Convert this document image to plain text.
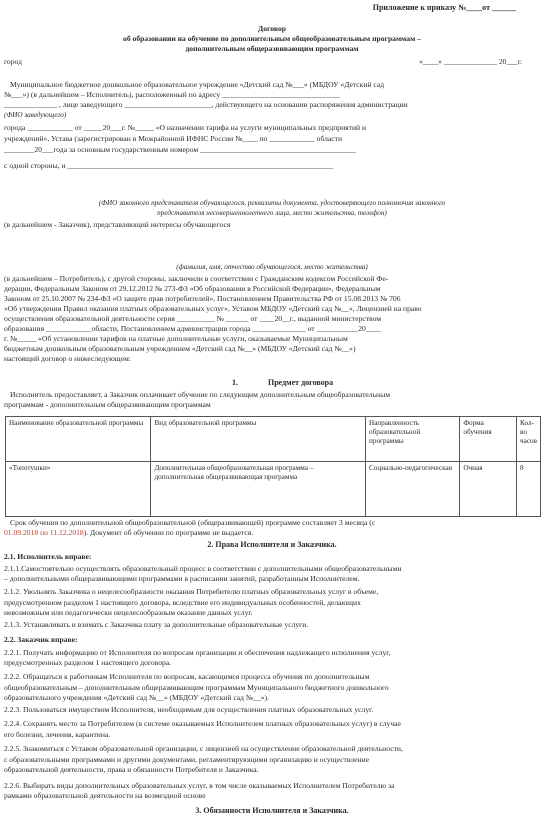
Приложение к приказу №____от ______
Договор
об образовании на обучение по дополнительным общеобразовательным программам –
дополнительным общеразвивающим программам
город	«____» ______________ 20___г.
Муниципальное бюджетное дошкольное образовательное учреждение «Детский сад №___» (МБДОУ «Детский сад
№___») (в дальнейшем – Исполнитель), расположенный по адресу _______________________________
______________ , лице заведующего _______________________, действующего на основании распоряжения администрации
(ФИО заведующего)
города ____________ от _____20___г. №_____ «О назначении тарифа на услуги муниципальных предприятий и
учреждений», Устава (зарегистрирован в Межрайонной ИФНС России №____ по ____________ области
________20___года за основным государственным номером _________________________________________
с одной стороны, и ______________________________________________________________________
(ФИО законного представителя обучающегося, реквизиты документа, удостоверяющего полномочия законного
представителя несовершеннолетнего лица, место жительства, телефон)
(в дальнейшем - Заказчик), представляющий интересы обучающегося
(фамилия, имя, отчество обучающегося, место жительства)
(в дальнейшем – Потребитель), с другой стороны, заключили в соответствии с Гражданским кодексом Российской Фе-
дерации, Федеральным Законом от 29.12.2012 № 273-ФЗ «Об образовании в Российской Федерации», Федеральным
Законом от 25.10.2007 № 234-ФЗ «О защите прав потребителей», Постановлением Правительства РФ от 15.08.2013 № 706
«Об утверждении Правил оказания платных образовательных услуг», Уставом МБДОУ «Детский сад №__», Лицензией на право
осуществления образовательной деятельности серия __________ № ______ от ____20__г., выданной министерством
образования ____________области, Постановлением администрации города ______________ от ___________20____
г. №_____ «Об установлении тарифов на платные дополнительные услуги, оказываемые Муниципальным
бюджетным дошкольным образовательным учреждением «Детский сад №__» (МБДОУ «Детский сад №__»)
настоящий договор о нижеследующем:
1.	Предмет договора
Исполнитель предоставляет, а Заказчик оплачивает обучение по следующим дополнительным общеобразовательным
программам - дополнительным общеразвивающим программам
Наименование образовательной программы	Вид образовательной программы	Направленность образовательной программы	Форма обучения	Кол-во часов
«Топотушки»	Дополнительная общеобразовательная программа – дополнительная общеразвивающая программа	Социально-педагогическая	Очная	8
Срок обучения по дополнительной общеобразовательной (общеразвивающей) программе составляет 3 месяца (с
01.09.2018 по 11.12.2018). Документ об обучении по программе не выдается.
2. Права Исполнителя и Заказчика.
2.1. Исполнитель вправе:
2.1.1.Самостоятельно осуществлять образовательный процесс в соответствии с дополнительными общеобразовательными
– дополнительными общеразвивающими программами в расписании занятий, разработанным Исполнителем.
2.1.2. Увольнять Заказчика о нецелесообразности оказания Потребителю платных образовательных услуг в объеме,
предусмотренном разделом 1 настоящего договора, вследствие его индивидуальных особенностей, делающих
невозможным или педагогически нецелесообразным оказание данных услуг.
2.1.3. Устанавливать и взимать с Заказчика плату за дополнительные образовательные услуги.
2.2. Заказчик вправе:
2.2.1. Получать информацию от Исполнителя по вопросам организации и обеспечения надлежащего исполнения услуг,
предусмотренных разделом 1 настоящего договора.
2.2.2. Обращаться к работникам Исполнителя по вопросам, касающимся процесса обучения по дополнительным
общеобразовательным – дополнительным общеразвивающим программам Муниципального бюджетного дошкольного
образовательного учреждения «Детский сад №__» (МБДОУ «Детский сад №__»).
2.2.3. Пользоваться имуществом Исполнителя, необходимым для осуществления платных образовательных услуг.
2.2.4. Сохранять место за Потребителем (в системе оказываемых Исполнителем платных образовательных услуг) в случае
его болезни, лечения, карантина.
2.2.5. Знакомиться с Уставом образовательной организации, с лицензией на осуществление образовательной деятельности,
с образовательными программами и другими документами, регламентирующими организацию и осуществление
образовательной деятельности, права и обязанности Потребителя и Заказчика.
2.2.6. Выбирать виды дополнительных образовательных услуг, в том числе оказываемых Исполнителем Потребителю за
рамками образовательной деятельности на возмездной основе
3. Обязанности Исполнителя и Заказчика.
